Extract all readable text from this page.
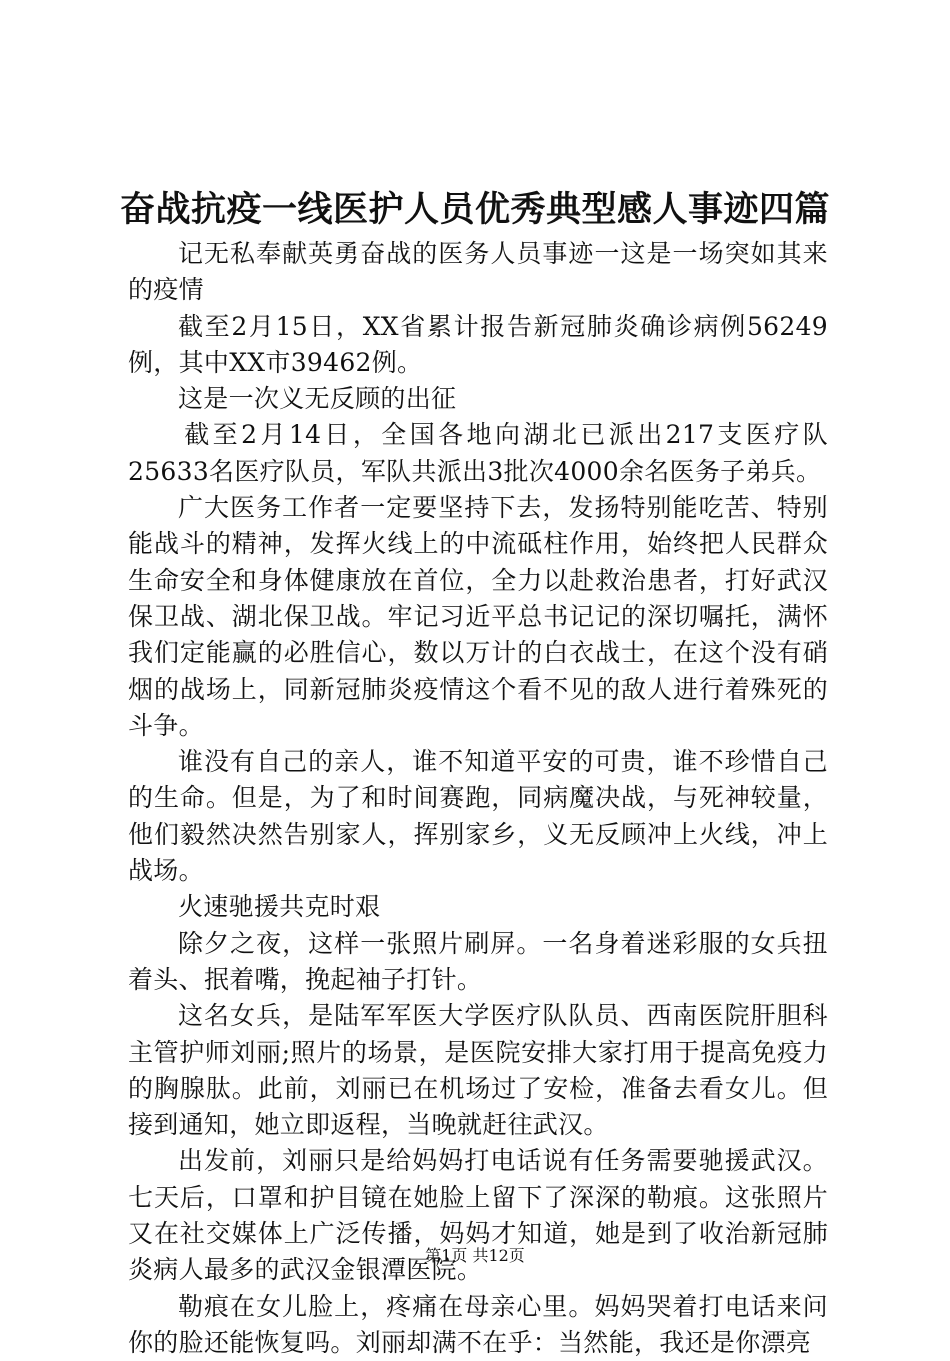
奋战抗疫一线医护人员优秀典型感人事迹四篇

记无私奉献英勇奋战的医务人员事迹一这是一场突如其来的疫情

截至2月15日，XX省累计报告新冠肺炎确诊病例56249例，其中XX市39462例。

这是一次义无反顾的出征

截至2月14日，全国各地向湖北已派出217支医疗队25633名医疗队员，军队共派出3批次4000余名医务子弟兵。

广大医务工作者一定要坚持下去，发扬特别能吃苦、特别能战斗的精神，发挥火线上的中流砥柱作用，始终把人民群众生命安全和身体健康放在首位，全力以赴救治患者，打好武汉保卫战、湖北保卫战。牢记习近平总书记记的深切嘱托，满怀我们定能赢的必胜信心，数以万计的白衣战士，在这个没有硝烟的战场上，同新冠肺炎疫情这个看不见的敌人进行着殊死的斗争。

谁没有自己的亲人，谁不知道平安的可贵，谁不珍惜自己的生命。但是，为了和时间赛跑，同病魔决战，与死神较量，他们毅然决然告别家人，挥别家乡，义无反顾冲上火线，冲上战场。

火速驰援共克时艰

除夕之夜，这样一张照片刷屏。一名身着迷彩服的女兵扭着头、抿着嘴，挽起袖子打针。

这名女兵，是陆军军医大学医疗队队员、西南医院肝胆科主管护师刘丽;照片的场景，是医院安排大家打用于提高免疫力的胸腺肽。此前，刘丽已在机场过了安检，准备去看女儿。但接到通知，她立即返程，当晚就赶往武汉。

出发前，刘丽只是给妈妈打电话说有任务需要驰援武汉。七天后，口罩和护目镜在她脸上留下了深深的勒痕。这张照片又在社交媒体上广泛传播，妈妈才知道，她是到了收治新冠肺炎病人最多的武汉金银潭医院。

勒痕在女儿脸上，疼痛在母亲心里。妈妈哭着打电话来问你的脸还能恢复吗。刘丽却满不在乎：当然能，我还是你漂亮

第1页 共12页
